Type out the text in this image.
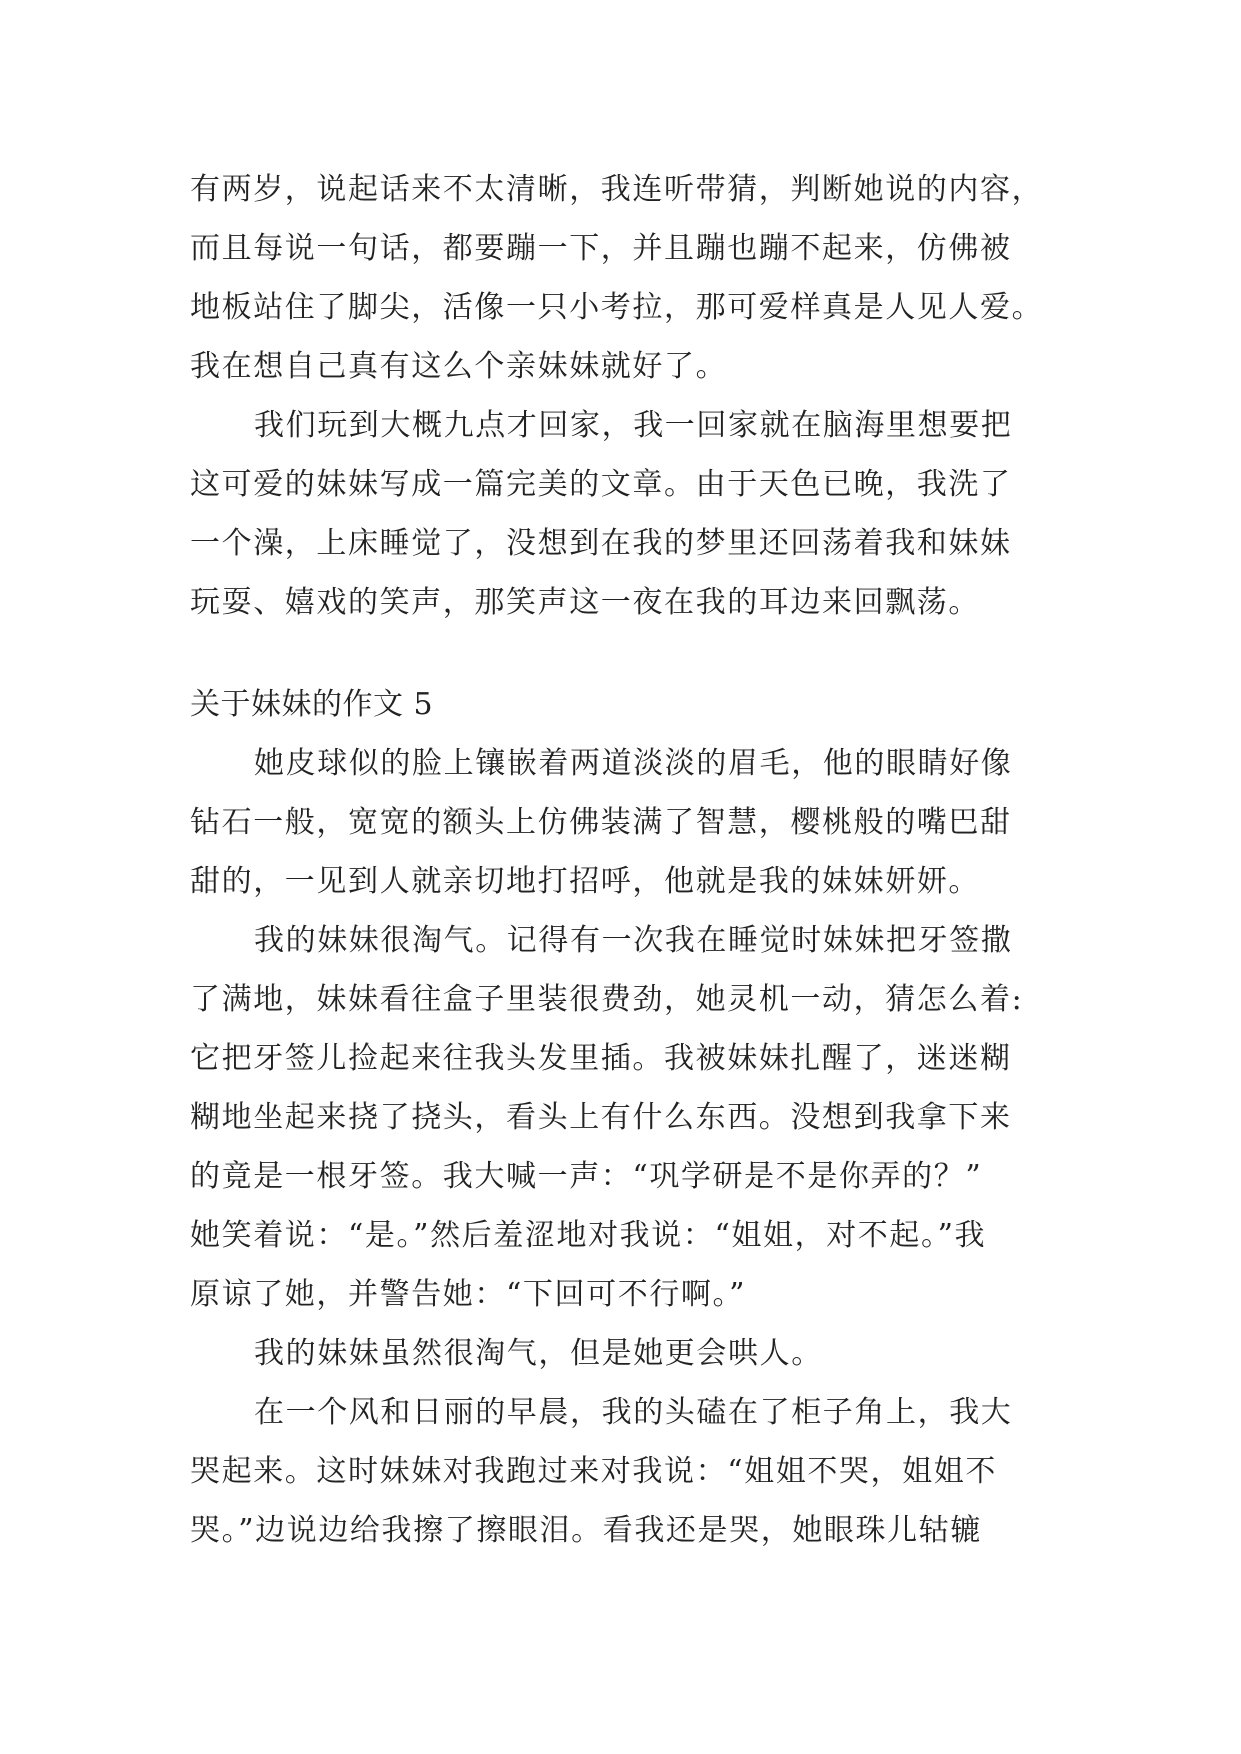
有两岁，说起话来不太清晰，我连听带猜，判断她说的内容，
而且每说一句话，都要蹦一下，并且蹦也蹦不起来，仿佛被
地板站住了脚尖，活像一只小考拉，那可爱样真是人见人爱。
我在想自己真有这么个亲妹妹就好了。
我们玩到大概九点才回家，我一回家就在脑海里想要把
这可爱的妹妹写成一篇完美的文章。由于天色已晚，我洗了
一个澡，上床睡觉了，没想到在我的梦里还回荡着我和妹妹
玩耍、嬉戏的笑声，那笑声这一夜在我的耳边来回飘荡。
关于妹妹的作文 5
她皮球似的脸上镶嵌着两道淡淡的眉毛，他的眼睛好像
钻石一般，宽宽的额头上仿佛装满了智慧，樱桃般的嘴巴甜
甜的，一见到人就亲切地打招呼，他就是我的妹妹妍妍。
我的妹妹很淘气。记得有一次我在睡觉时妹妹把牙签撒
了满地，妹妹看往盒子里装很费劲，她灵机一动，猜怎么着:
它把牙签儿捡起来往我头发里插。我被妹妹扎醒了，迷迷糊
糊地坐起来挠了挠头，看头上有什么东西。没想到我拿下来
的竟是一根牙签。我大喊一声：“巩学研是不是你弄的？”
她笑着说：“是。”然后羞涩地对我说：“姐姐，对不起。”我
原谅了她，并警告她：“下回可不行啊。”
我的妹妹虽然很淘气，但是她更会哄人。
在一个风和日丽的早晨，我的头磕在了柜子角上，我大
哭起来。这时妹妹对我跑过来对我说：“姐姐不哭，姐姐不
哭。”边说边给我擦了擦眼泪。看我还是哭，她眼珠儿轱辘
